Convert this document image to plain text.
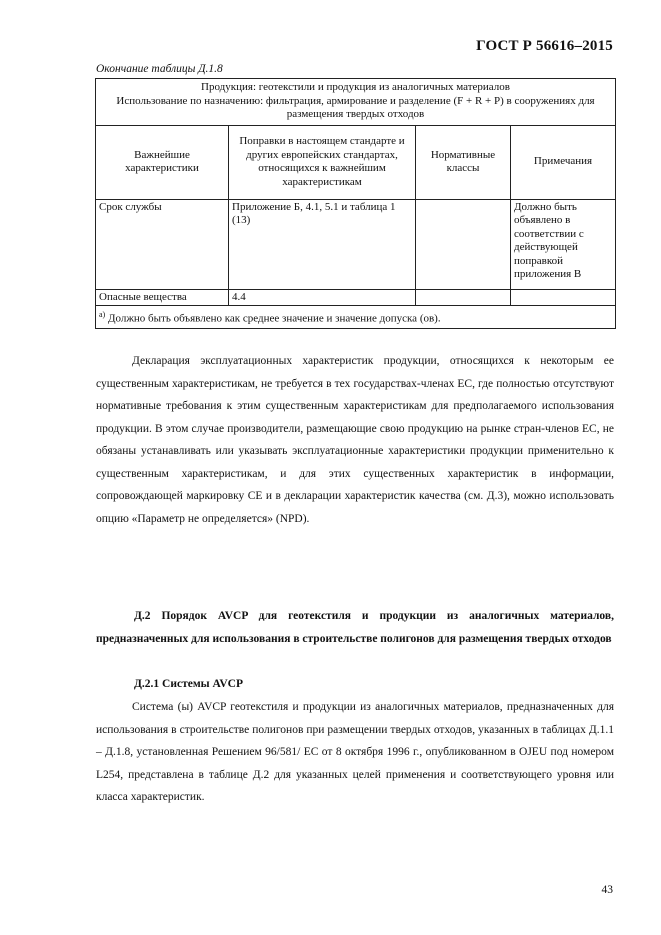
ГОСТ Р 56616–2015
Окончание таблицы Д.1.8
Продукция: геотекстили и продукция из аналогичных материалов
Использование по назначению: фильтрация, армирование и разделение (F + R + P) в сооружениях для размещения твердых отходов			

Важнейшие характеристики	Поправки в настоящем стандарте и других европейских стандартах, относящихся к важнейшим характеристикам	Нормативные классы	Примечания
Срок службы	Приложение Б, 4.1, 5.1 и таблица 1 (13)		Должно быть объявлено в соответствии с действующей поправкой приложения В
Опасные вещества	4.4		
$^{а)}$ Должно быть объявлено как среднее значение и значение допуска (ов).			

Декларация эксплуатационных характеристик продукции, относящихся к некоторым ее существенным характеристикам, не требуется в тех государствах-членах ЕС, где полностью отсутствуют нормативные требования к этим существенным характеристикам для предполагаемого использования продукции. В этом случае производители, размещающие свою продукцию на рынке стран-членов ЕС, не обязаны устанавливать или указывать эксплуатационные характеристики продукции применительно к существенным характеристикам, и для этих существенных характеристик в информации, сопровождающей маркировку СЕ и в декларации характеристик качества (см. Д.3), можно использовать опцию «Параметр не определяется» (NPD).

Д.2 Порядок AVCP для геотекстиля и продукции из аналогичных материалов, предназначенных для использования в строительстве полигонов для размещения твердых отходов
Д.2.1 Системы AVCP

Система (ы) AVCP геотекстиля и продукции из аналогичных материалов, предназначенных для использования в строительстве полигонов при размещении твердых отходов, указанных в таблицах Д.1.1 – Д.1.8, установленная Решением 96/581/ ЕС от 8 октября 1996 г., опубликованном в OJEU под номером L254, представлена в таблице Д.2 для указанных целей применения и соответствующего уровня или класса характеристик.

43
